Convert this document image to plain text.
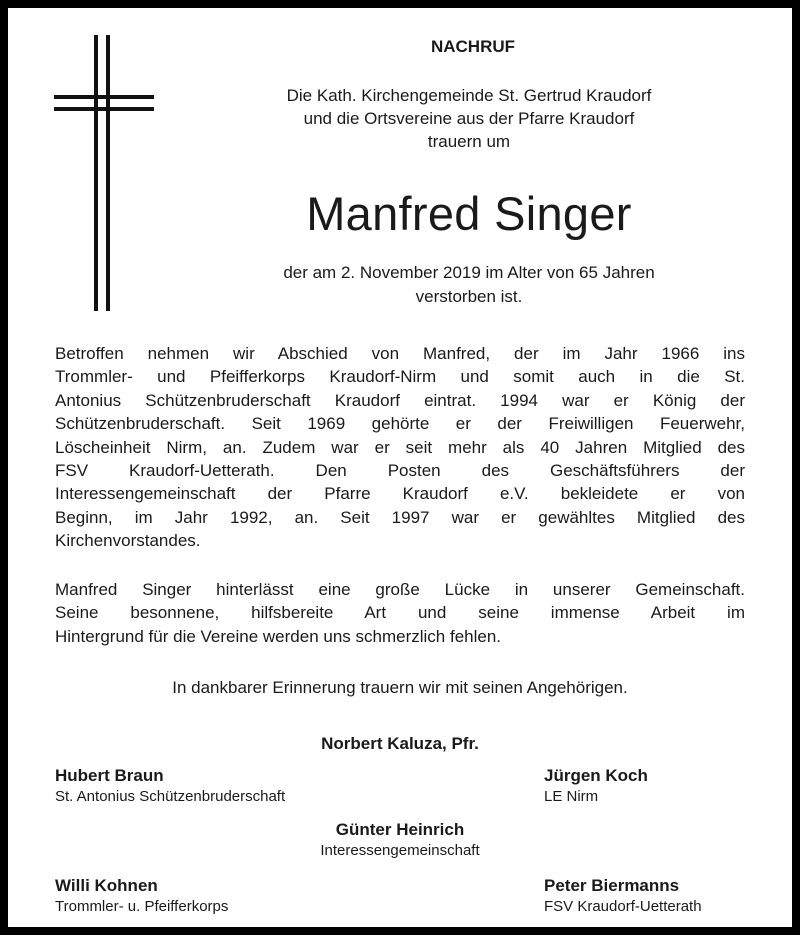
NACHRUF
Die Kath. Kirchengemeinde St. Gertrud Kraudorf
und die Ortsvereine aus der Pfarre Kraudorf
trauern um
Manfred Singer
der am 2. November 2019 im Alter von 65 Jahren
verstorben ist.
Betroffen nehmen wir Abschied von Manfred, der im Jahr 1966 ins
Trommler- und Pfeifferkorps Kraudorf-Nirm und somit auch in die St.
Antonius Schützenbruderschaft Kraudorf eintrat. 1994 war er König der
Schützenbruderschaft. Seit 1969 gehörte er der Freiwilligen Feuerwehr,
Löscheinheit Nirm, an. Zudem war er seit mehr als 40 Jahren Mitglied des
FSV Kraudorf-Uetterath. Den Posten des Geschäftsführers der
Interessengemeinschaft der Pfarre Kraudorf e.V. bekleidete er von
Beginn, im Jahr 1992, an. Seit 1997 war er gewähltes Mitglied des
Kirchenvorstandes.
Manfred Singer hinterlässt eine große Lücke in unserer Gemeinschaft.
Seine besonnene, hilfsbereite Art und seine immense Arbeit im
Hintergrund für die Vereine werden uns schmerzlich fehlen.
In dankbarer Erinnerung trauern wir mit seinen Angehörigen.
Norbert Kaluza, Pfr.
Hubert Braun
St. Antonius Schützenbruderschaft
Jürgen Koch
LE Nirm
Günter Heinrich
Interessengemeinschaft
Willi Kohnen
Trommler- u. Pfeifferkorps
Peter Biermanns
FSV Kraudorf-Uetterath
